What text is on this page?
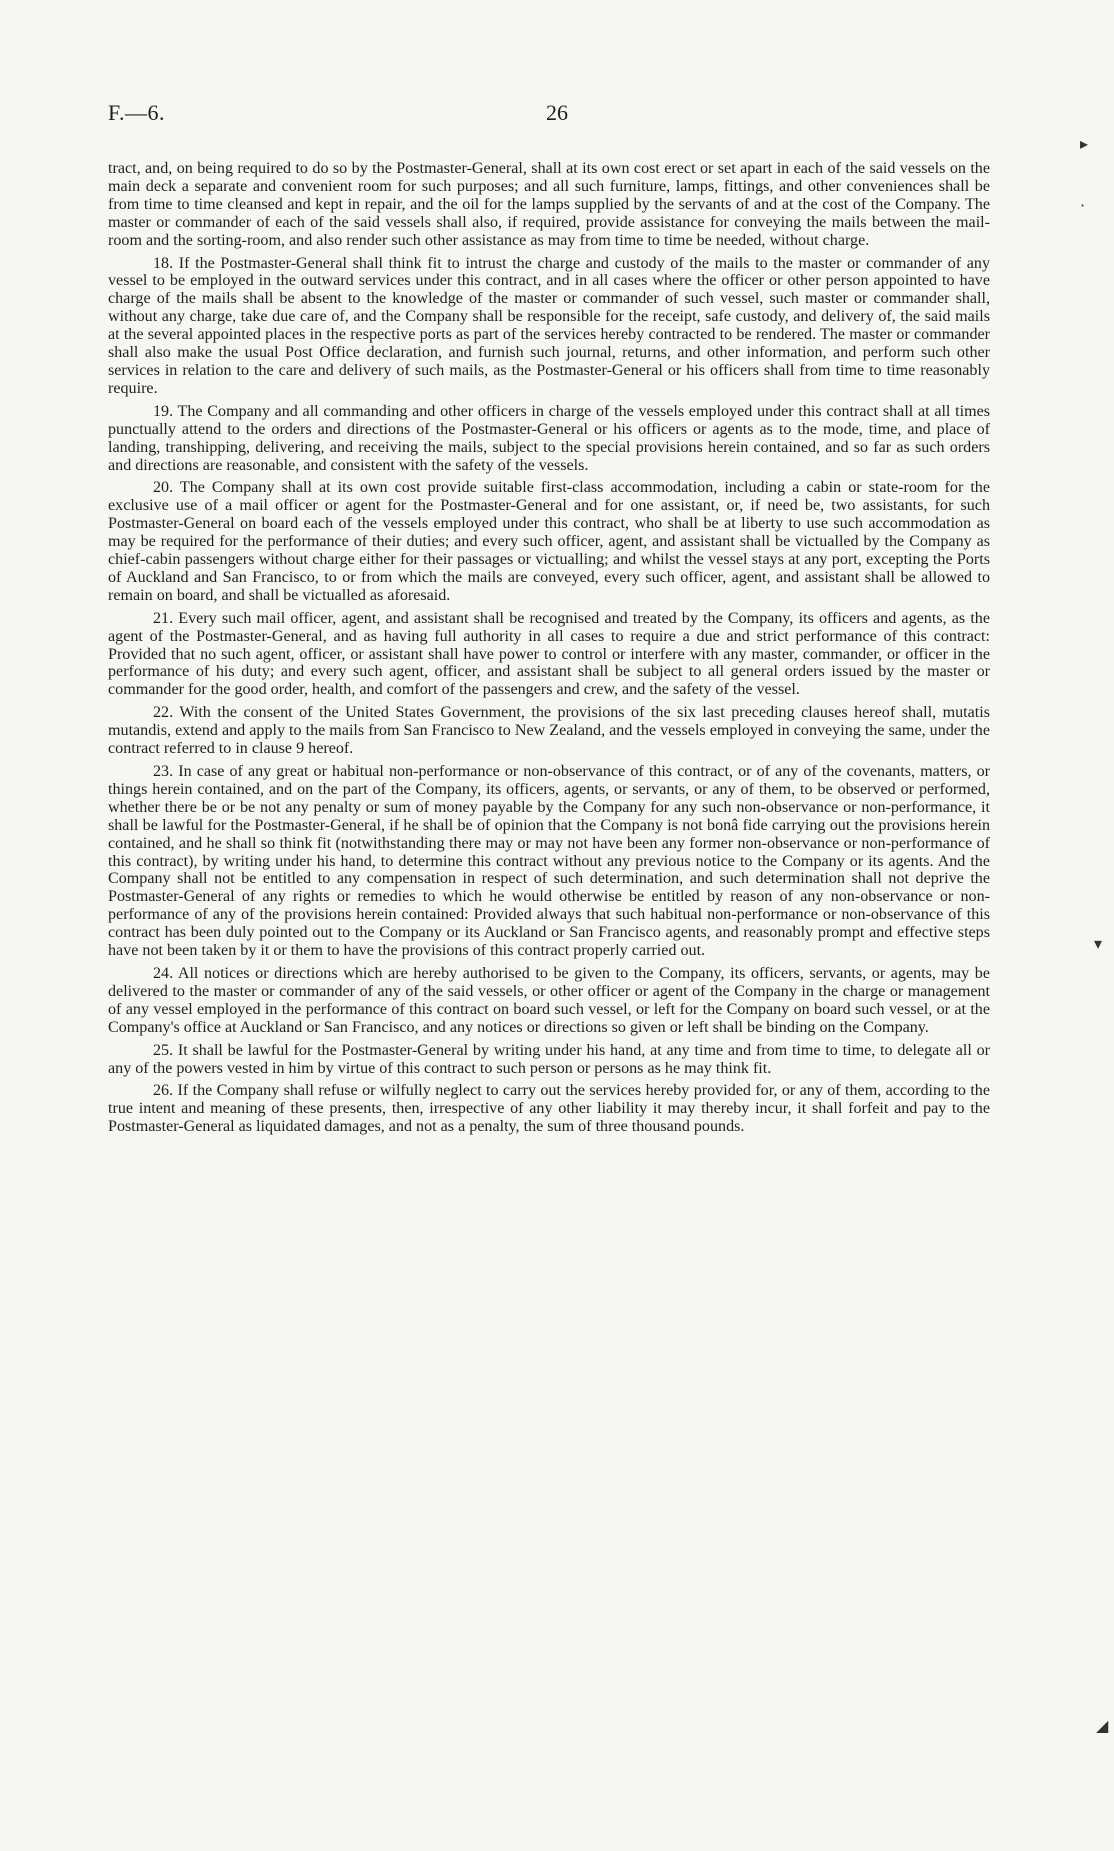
F.—6.	26

tract, and, on being required to do so by the Postmaster-General, shall at its own cost erect or set apart in each of the said vessels on the main deck a separate and convenient room for such purposes; and all such furniture, lamps, fittings, and other conveniences shall be from time to time cleansed and kept in repair, and the oil for the lamps supplied by the servants of and at the cost of the Company. The master or commander of each of the said vessels shall also, if required, provide assistance for conveying the mails between the mail-room and the sorting-room, and also render such other assistance as may from time to time be needed, without charge.

18. If the Postmaster-General shall think fit to intrust the charge and custody of the mails to the master or commander of any vessel to be employed in the outward services under this contract, and in all cases where the officer or other person appointed to have charge of the mails shall be absent to the knowledge of the master or commander of such vessel, such master or commander shall, without any charge, take due care of, and the Company shall be responsible for the receipt, safe custody, and delivery of, the said mails at the several appointed places in the respective ports as part of the services hereby contracted to be rendered. The master or commander shall also make the usual Post Office declaration, and furnish such journal, returns, and other information, and perform such other services in relation to the care and delivery of such mails, as the Postmaster-General or his officers shall from time to time reasonably require.

19. The Company and all commanding and other officers in charge of the vessels employed under this contract shall at all times punctually attend to the orders and directions of the Postmaster-General or his officers or agents as to the mode, time, and place of landing, transhipping, delivering, and receiving the mails, subject to the special provisions herein contained, and so far as such orders and directions are reasonable, and consistent with the safety of the vessels.

20. The Company shall at its own cost provide suitable first-class accommodation, including a cabin or state-room for the exclusive use of a mail officer or agent for the Postmaster-General and for one assistant, or, if need be, two assistants, for such Postmaster-General on board each of the vessels employed under this contract, who shall be at liberty to use such accommodation as may be required for the performance of their duties; and every such officer, agent, and assistant shall be victualled by the Company as chief-cabin passengers without charge either for their passages or victualling; and whilst the vessel stays at any port, excepting the Ports of Auckland and San Francisco, to or from which the mails are conveyed, every such officer, agent, and assistant shall be allowed to remain on board, and shall be victualled as aforesaid.

21. Every such mail officer, agent, and assistant shall be recognised and treated by the Company, its officers and agents, as the agent of the Postmaster-General, and as having full authority in all cases to require a due and strict performance of this contract: Provided that no such agent, officer, or assistant shall have power to control or interfere with any master, commander, or officer in the performance of his duty; and every such agent, officer, and assistant shall be subject to all general orders issued by the master or commander for the good order, health, and comfort of the passengers and crew, and the safety of the vessel.

22. With the consent of the United States Government, the provisions of the six last preceding clauses hereof shall, mutatis mutandis, extend and apply to the mails from San Francisco to New Zealand, and the vessels employed in conveying the same, under the contract referred to in clause 9 hereof.

23. In case of any great or habitual non-performance or non-observance of this contract, or of any of the covenants, matters, or things herein contained, and on the part of the Company, its officers, agents, or servants, or any of them, to be observed or performed, whether there be or be not any penalty or sum of money payable by the Company for any such non-observance or non-performance, it shall be lawful for the Postmaster-General, if he shall be of opinion that the Company is not bonâ fide carrying out the provisions herein contained, and he shall so think fit (notwithstanding there may or may not have been any former non-observance or non-performance of this contract), by writing under his hand, to determine this contract without any previous notice to the Company or its agents. And the Company shall not be entitled to any compensation in respect of such determination, and such determination shall not deprive the Postmaster-General of any rights or remedies to which he would otherwise be entitled by reason of any non-observance or non-performance of any of the provisions herein contained: Provided always that such habitual non-performance or non-observance of this contract has been duly pointed out to the Company or its Auckland or San Francisco agents, and reasonably prompt and effective steps have not been taken by it or them to have the provisions of this contract properly carried out.

24. All notices or directions which are hereby authorised to be given to the Company, its officers, servants, or agents, may be delivered to the master or commander of any of the said vessels, or other officer or agent of the Company in the charge or management of any vessel employed in the performance of this contract on board such vessel, or left for the Company on board such vessel, or at the Company's office at Auckland or San Francisco, and any notices or directions so given or left shall be binding on the Company.

25. It shall be lawful for the Postmaster-General by writing under his hand, at any time and from time to time, to delegate all or any of the powers vested in him by virtue of this contract to such person or persons as he may think fit.

26. If the Company shall refuse or wilfully neglect to carry out the services hereby provided for, or any of them, according to the true intent and meaning of these presents, then, irrespective of any other liability it may thereby incur, it shall forfeit and pay to the Postmaster-General as liquidated damages, and not as a penalty, the sum of three thousand pounds.

▸
·
▾
◢
